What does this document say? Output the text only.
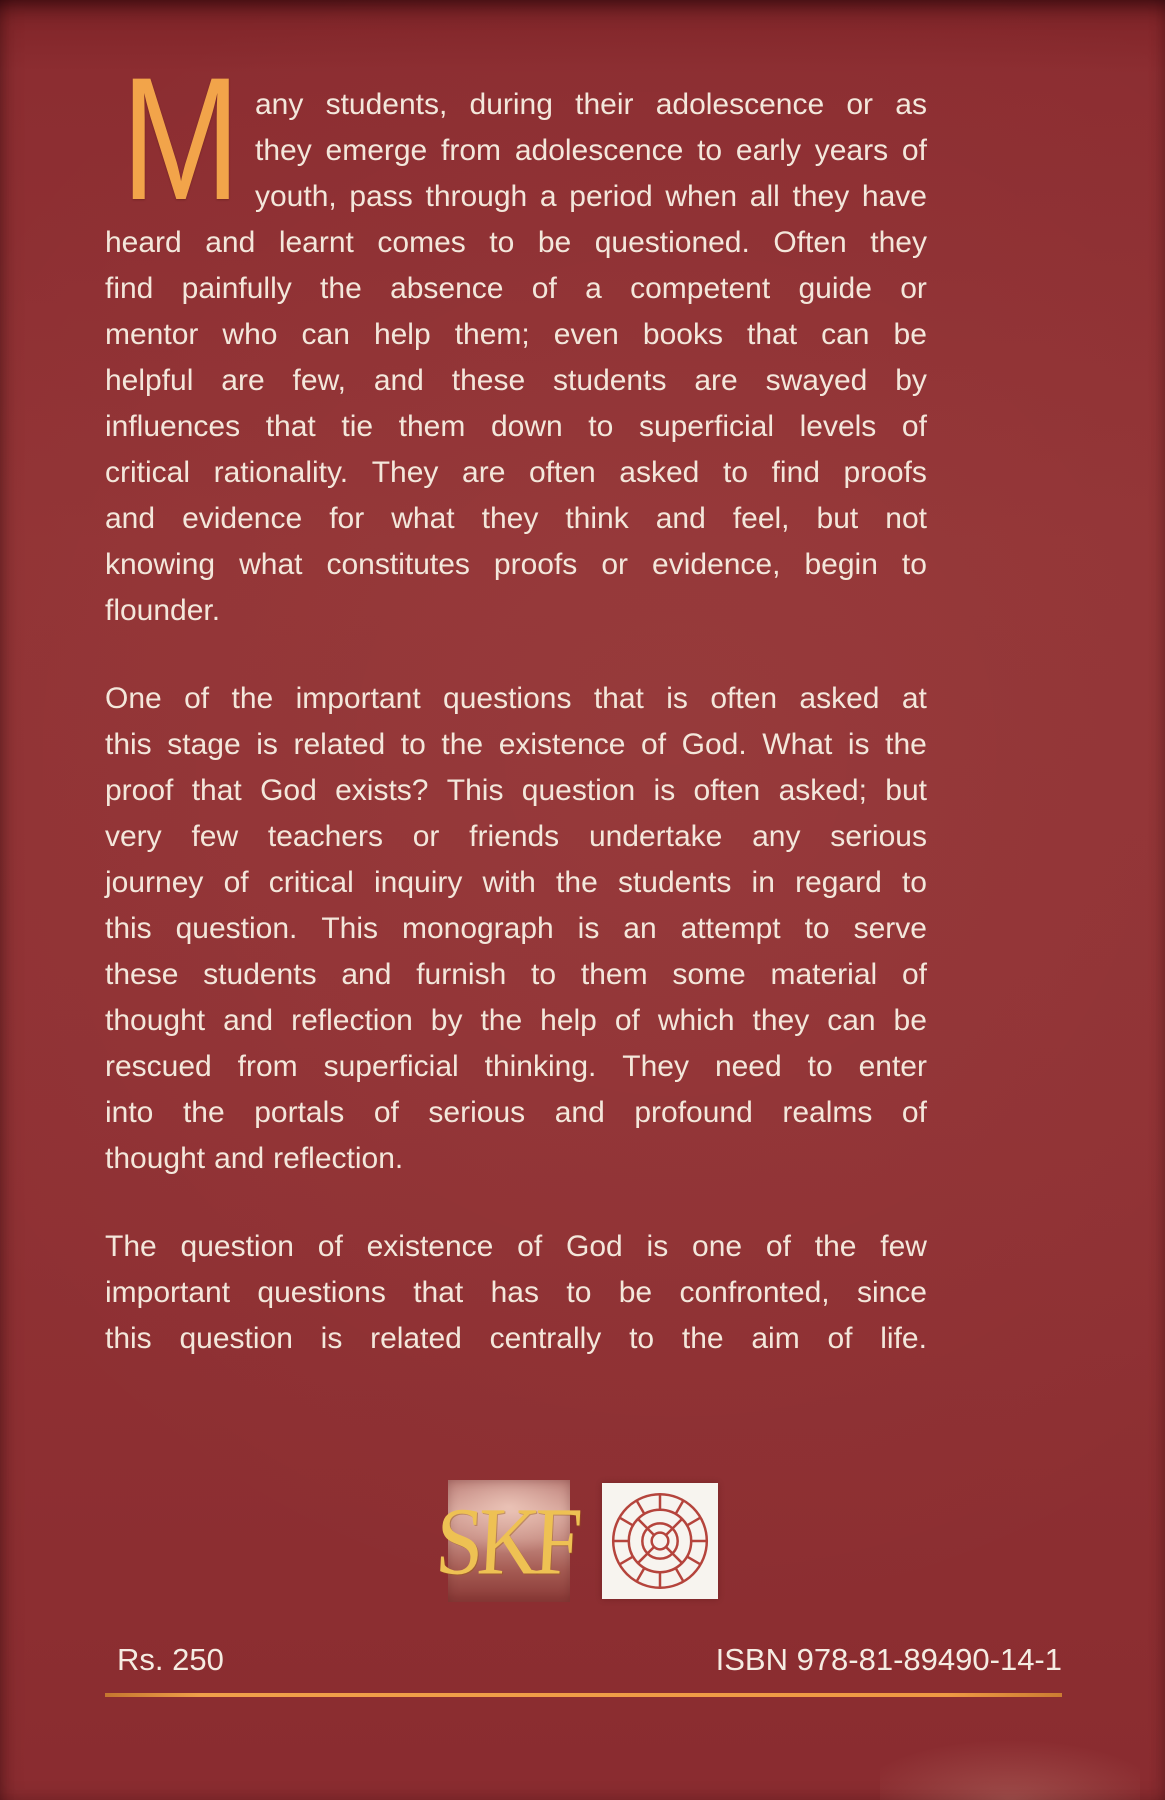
M any students, during their adolescence or as
they emerge from adolescence to early years of
youth, pass through a period when all they have
heard and learnt comes to be questioned. Often they
find painfully the absence of a competent guide or
mentor who can help them; even books that can be
helpful are few, and these students are swayed by
influences that tie them down to superficial levels of
critical rationality. They are often asked to find proofs
and evidence for what they think and feel, but not
knowing what constitutes proofs or evidence, begin to
flounder.
One of the important questions that is often asked at
this stage is related to the existence of God. What is the
proof that God exists? This question is often asked; but
very few teachers or friends undertake any serious
journey of critical inquiry with the students in regard to
this question. This monograph is an attempt to serve
these students and furnish to them some material of
thought and reflection by the help of which they can be
rescued from superficial thinking. They need to enter
into the portals of serious and profound realms of
thought and reflection.
The question of existence of God is one of the few
important questions that has to be confronted, since
this question is related centrally to the aim of life.
SKF
Rs. 250	ISBN 978-81-89490-14-1
